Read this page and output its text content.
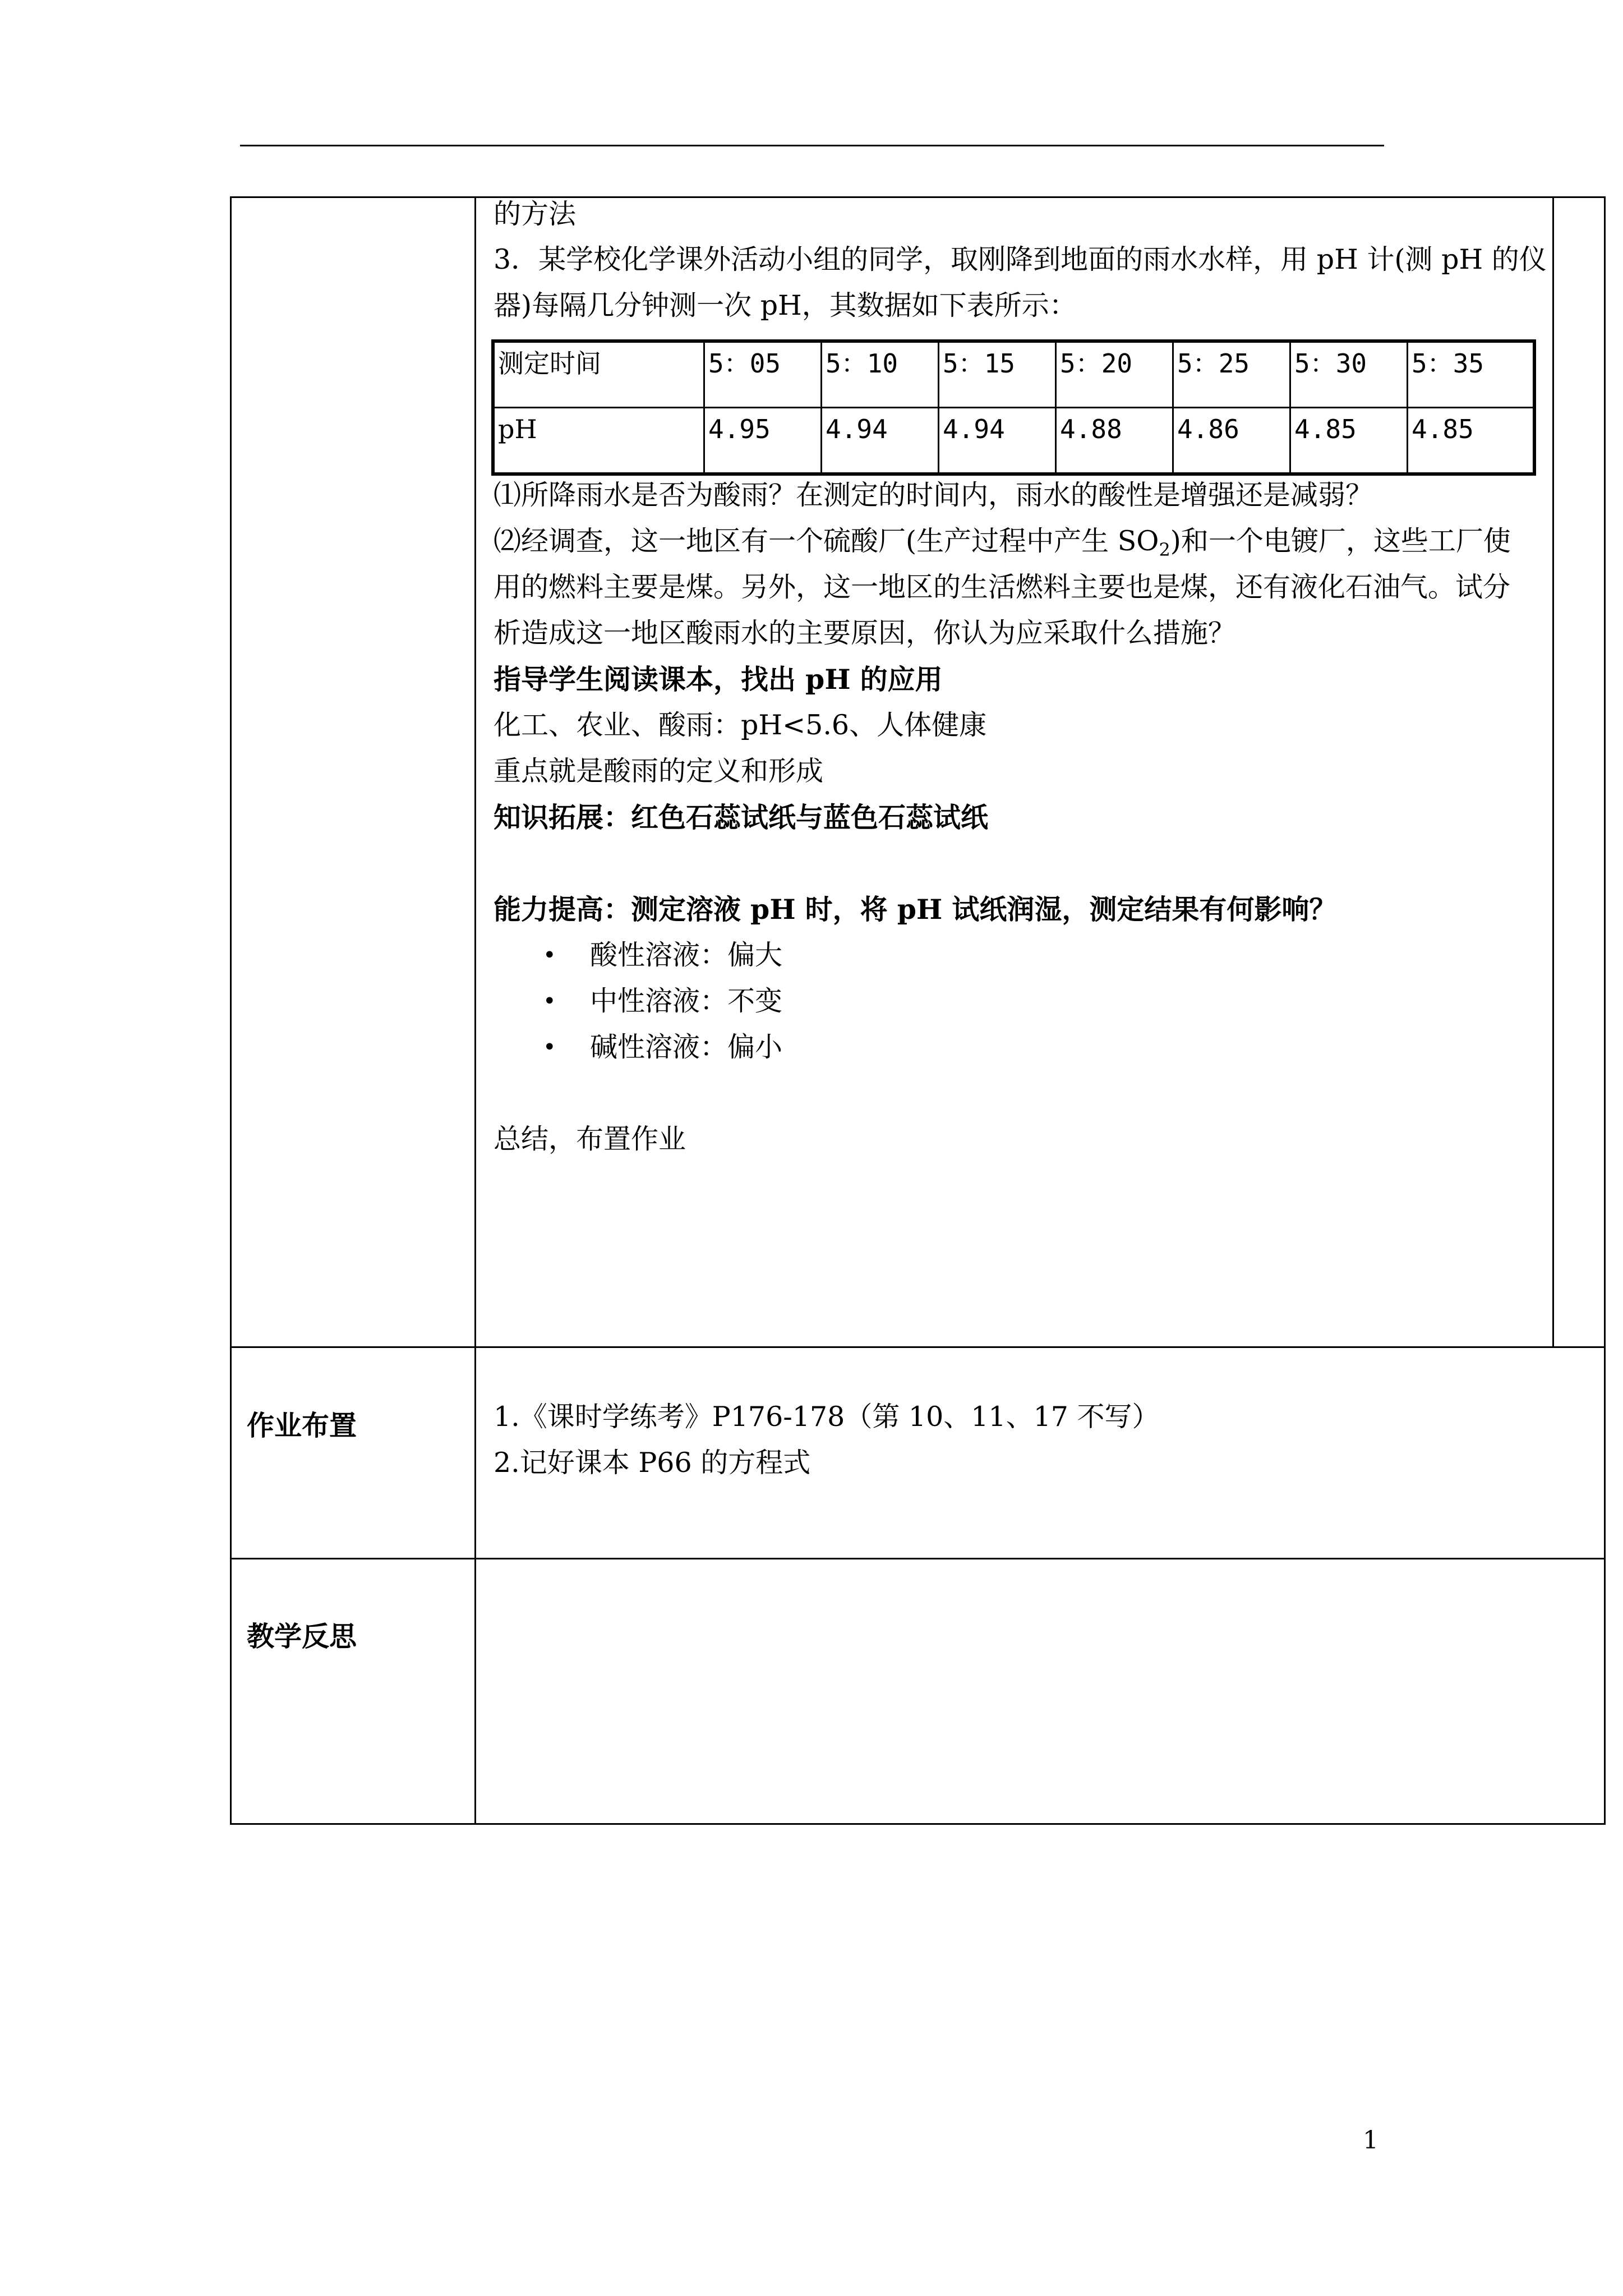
的方法
3．某学校化学课外活动小组的同学，取刚降到地面的雨水水样，用 pH 计(测 pH 的仪
器)每隔几分钟测一次 pH，其数据如下表所示：
测定时间	5：05	5：10	5：15	5：20	5：25	5：30	5：35
pH	4.95	4.94	4.94	4.88	4.86	4.85	4.85
⑴所降雨水是否为酸雨？在测定的时间内，雨水的酸性是增强还是减弱？
⑵经调查，这一地区有一个硫酸厂(生产过程中产生 $SO_2$)和一个电镀厂，这些工厂使
用的燃料主要是煤。另外，这一地区的生活燃料主要也是煤，还有液化石油气。试分
析造成这一地区酸雨水的主要原因，你认为应采取什么措施？
指导学生阅读课本，找出 pH 的应用
化工、农业、酸雨：pH<5.6、人体健康
重点就是酸雨的定义和形成
知识拓展：红色石蕊试纸与蓝色石蕊试纸
能力提高：测定溶液 pH 时，将 pH 试纸润湿，测定结果有何影响？
• 酸性溶液：偏大
• 中性溶液：不变
• 碱性溶液：偏小
总结，布置作业
作业布置	1.《课时学练考》P176-178（第 10、11、17 不写）
2.记好课本 P66 的方程式
教学反思
1
